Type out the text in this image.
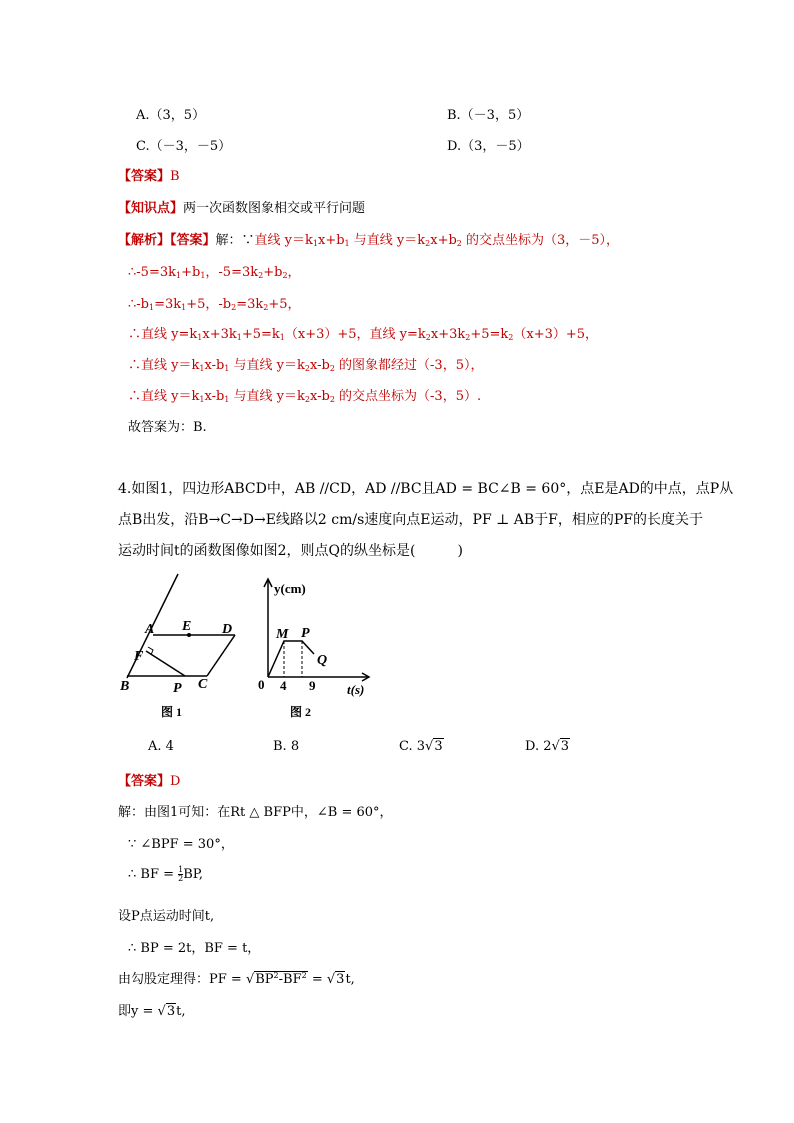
A.（3，5）	B.（－3，5）
C.（－3，－5）	D.（3，－5）
【答案】B
【知识点】两一次函数图象相交或平行问题
【解析】【答案】解：∵直线 $y=k_1x+b_1$ 与直线 $y=k_2x+b_2$ 的交点坐标为（3，－5），
$\therefore-5=3k_1+b_1$，$-5=3k_2+b_2$，
$\therefore-b_1=3k_1+5$，$-b_2=3k_2+5$，
∴直线 $y=k_1x+3k_1+5=k_1(x+3)+5$，直线 $y=k_2x+3k_2+5=k_2(x+3)+5$，
∴直线 $y=k_1x-b_1$ 与直线 $y=k_2x-b_2$ 的图象都经过（-3，5），
∴直线 $y=k_1x-b_1$ 与直线 $y=k_2x-b_2$ 的交点坐标为（-3，5）.
故答案为：B.
4.如图1，四边形ABCD中，AB //CD，AD //BC且AD = BC∠B = 60°，点E是AD的中点，点P从
点B出发，沿B→C→D→E线路以2 cm/s速度向点E运动，PF ⊥ AB于F，相应的PF的长度关于
运动时间t的函数图像如图2，则点Q的纵坐标是(　　　)
A E D
F
B	P C
图 1
y(cm)
t(s)
0 4 9
M P
Q
图 2
A. 4	B. 8	C. 3√3	D. 2√3
【答案】D
解：由图1可知：在Rt △ BFP中，∠B = 60°，
∵ ∠BPF = 30°，
∴ BF = $\frac{1}{2}$ BP,
设P点运动时间t,
∴ BP = 2t，BF = t，
由勾股定理得：PF = $√BP^2-BF^2 = √3t$,
即y = √3t,
